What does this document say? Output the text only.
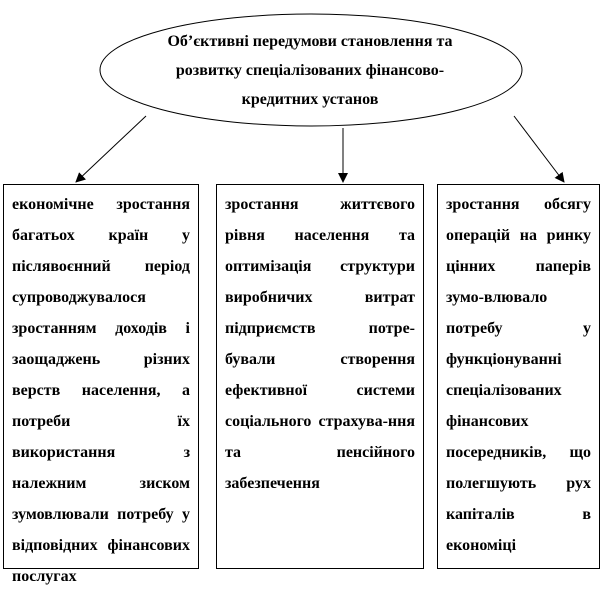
Об’єктивні передумови становлення та розвитку спеціалізованих фінансово-кредитних установ

економічне зростання багатьох країн у післявоєнний період супроводжувалося зростанням доходів і заощаджень різних верств населення, а потреби їх використання з належним зиском зумовлювали потребу у відповідних фінансових послугах

зростання життєвого рівня населення та оптимізація структури виробничих витрат підприємств потре-бували створення ефективної системи соціального страхува-ння та пенсійного забезпечення

зростання обсягу операцій на ринку цінних паперів зумо-влювало потребу у функціонуванні спеціалізованих фінансових посередників, що полегшують рух капіталів в економіці
